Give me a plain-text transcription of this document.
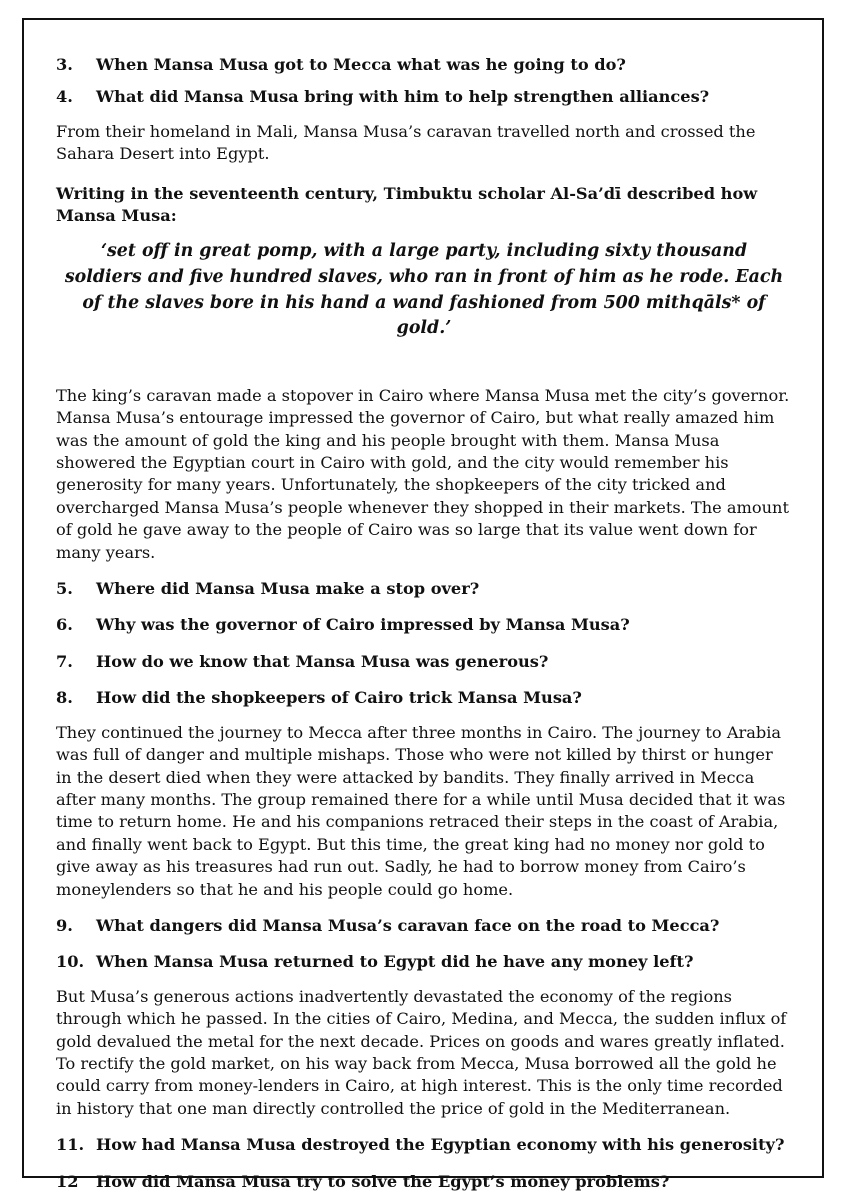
3. When Mansa Musa got to Mecca what was he going to do?
4. What did Mansa Musa bring with him to help strengthen alliances?

From their homeland in Mali, Mansa Musa’s caravan travelled north and crossed the Sahara Desert into Egypt.

Writing in the seventeenth century, Timbuktu scholar Al-Sa’dī described how Mansa Musa:

‘set off in great pomp, with a large party, including sixty thousand soldiers and five hundred slaves, who ran in front of him as he rode. Each of the slaves bore in his hand a wand fashioned from 500 mithqāls* of gold.’

The king’s caravan made a stopover in Cairo where Mansa Musa met the city’s governor. Mansa Musa’s entourage impressed the governor of Cairo, but what really amazed him was the amount of gold the king and his people brought with them. Mansa Musa showered the Egyptian court in Cairo with gold, and the city would remember his generosity for many years. Unfortunately, the shopkeepers of the city tricked and overcharged Mansa Musa’s people whenever they shopped in their markets. The amount of gold he gave away to the people of Cairo was so large that its value went down for many years.

5. Where did Mansa Musa make a stop over?
6. Why was the governor of Cairo impressed by Mansa Musa?
7. How do we know that Mansa Musa was generous?
8. How did the shopkeepers of Cairo trick Mansa Musa?

They continued the journey to Mecca after three months in Cairo. The journey to Arabia was full of danger and multiple mishaps. Those who were not killed by thirst or hunger in the desert died when they were attacked by bandits. They finally arrived in Mecca after many months. The group remained there for a while until Musa decided that it was time to return home. He and his companions retraced their steps in the coast of Arabia, and finally went back to Egypt. But this time, the great king had no money nor gold to give away as his treasures had run out. Sadly, he had to borrow money from Cairo’s moneylenders so that he and his people could go home.

9. What dangers did Mansa Musa’s caravan face on the road to Mecca?
10. When Mansa Musa returned to Egypt did he have any money left?

But Musa’s generous actions inadvertently devastated the economy of the regions through which he passed. In the cities of Cairo, Medina, and Mecca, the sudden influx of gold devalued the metal for the next decade. Prices on goods and wares greatly inflated. To rectify the gold market, on his way back from Mecca, Musa borrowed all the gold he could carry from money-lenders in Cairo, at high interest. This is the only time recorded in history that one man directly controlled the price of gold in the Mediterranean.

11. How had Mansa Musa destroyed the Egyptian economy with his generosity?
12 How did Mansa Musa try to solve the Egypt’s money problems?
